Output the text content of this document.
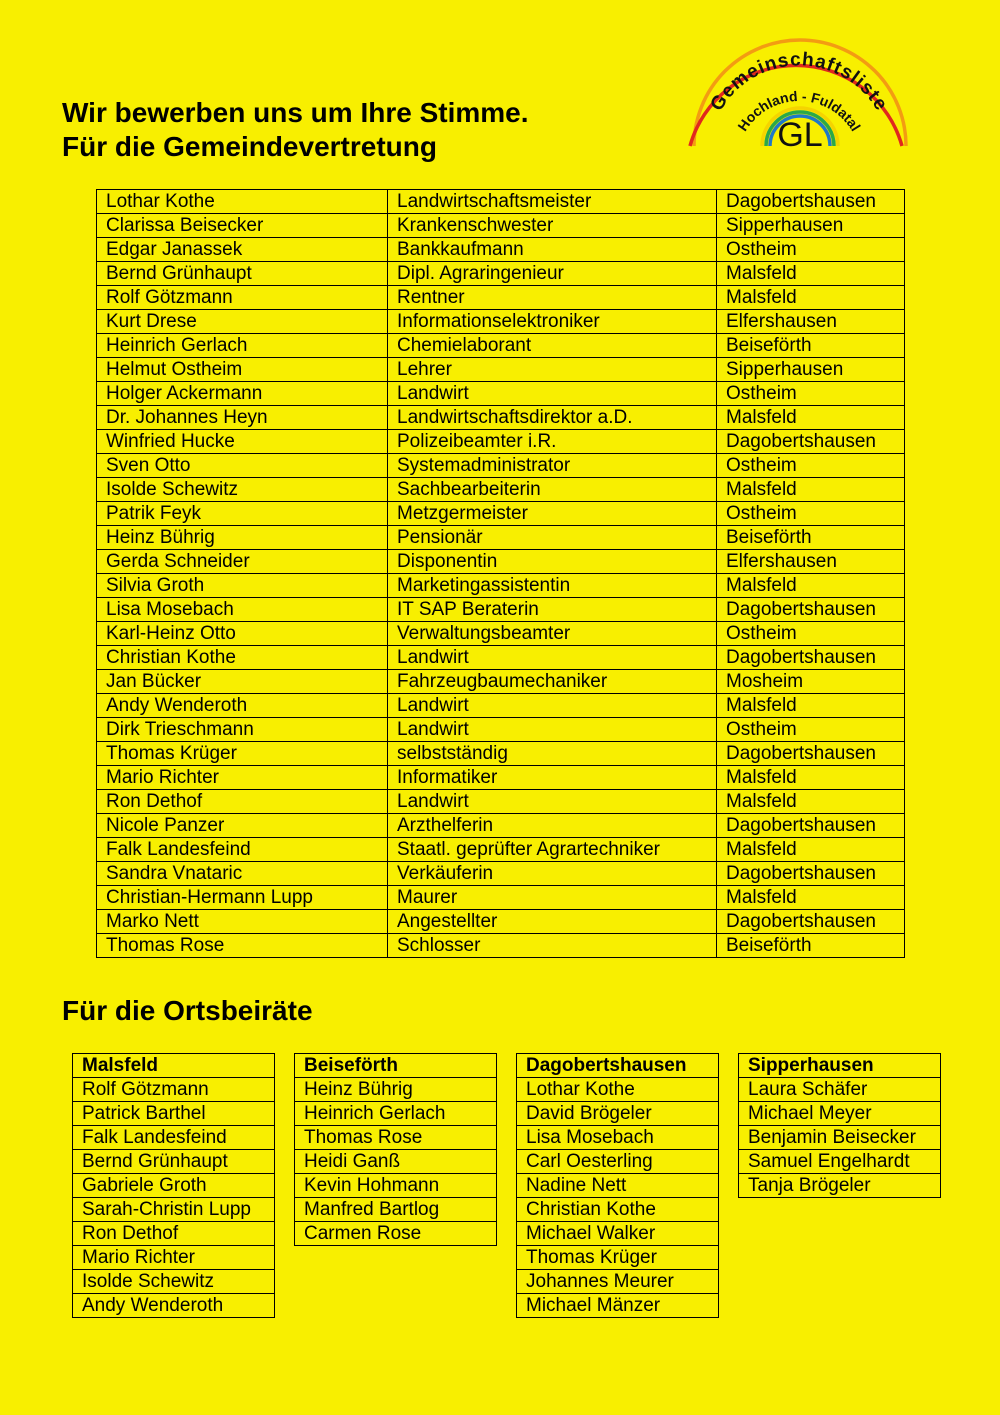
Wir bewerben uns um Ihre Stimme.
Für die Gemeindevertretung
Gemeinschaftsliste
Hochland - Fuldatal
GL
Lothar Kothe	Landwirtschaftsmeister	Dagobertshausen
Clarissa Beisecker	Krankenschwester	Sipperhausen
Edgar Janassek	Bankkaufmann	Ostheim
Bernd Grünhaupt	Dipl. Agraringenieur	Malsfeld
Rolf Götzmann	Rentner	Malsfeld
Kurt Drese	Informationselektroniker	Elfershausen
Heinrich Gerlach	Chemielaborant	Beiseförth
Helmut Ostheim	Lehrer	Sipperhausen
Holger Ackermann	Landwirt	Ostheim
Dr. Johannes Heyn	Landwirtschaftsdirektor a.D.	Malsfeld
Winfried Hucke	Polizeibeamter i.R.	Dagobertshausen
Sven Otto	Systemadministrator	Ostheim
Isolde Schewitz	Sachbearbeiterin	Malsfeld
Patrik Feyk	Metzgermeister	Ostheim
Heinz Bührig	Pensionär	Beiseförth
Gerda Schneider	Disponentin	Elfershausen
Silvia Groth	Marketingassistentin	Malsfeld
Lisa Mosebach	IT SAP Beraterin	Dagobertshausen
Karl-Heinz Otto	Verwaltungsbeamter	Ostheim
Christian Kothe	Landwirt	Dagobertshausen
Jan Bücker	Fahrzeugbaumechaniker	Mosheim
Andy Wenderoth	Landwirt	Malsfeld
Dirk Trieschmann	Landwirt	Ostheim
Thomas Krüger	selbstständig	Dagobertshausen
Mario Richter	Informatiker	Malsfeld
Ron Dethof	Landwirt	Malsfeld
Nicole Panzer	Arzthelferin	Dagobertshausen
Falk Landesfeind	Staatl. geprüfter Agrartechniker	Malsfeld
Sandra Vnataric	Verkäuferin	Dagobertshausen
Christian-Hermann Lupp	Maurer	Malsfeld
Marko Nett	Angestellter	Dagobertshausen
Thomas Rose	Schlosser	Beiseförth
Für die Ortsbeiräte
Malsfeld
Rolf Götzmann
Patrick Barthel
Falk Landesfeind
Bernd Grünhaupt
Gabriele Groth
Sarah-Christin Lupp
Ron Dethof
Mario Richter
Isolde Schewitz
Andy Wenderoth
Beiseförth
Heinz Bührig
Heinrich Gerlach
Thomas Rose
Heidi Ganß
Kevin Hohmann
Manfred Bartlog
Carmen Rose
Dagobertshausen
Lothar Kothe
David Brögeler
Lisa Mosebach
Carl Oesterling
Nadine Nett
Christian Kothe
Michael Walker
Thomas Krüger
Johannes Meurer
Michael Mänzer
Sipperhausen
Laura Schäfer
Michael Meyer
Benjamin Beisecker
Samuel Engelhardt
Tanja Brögeler
